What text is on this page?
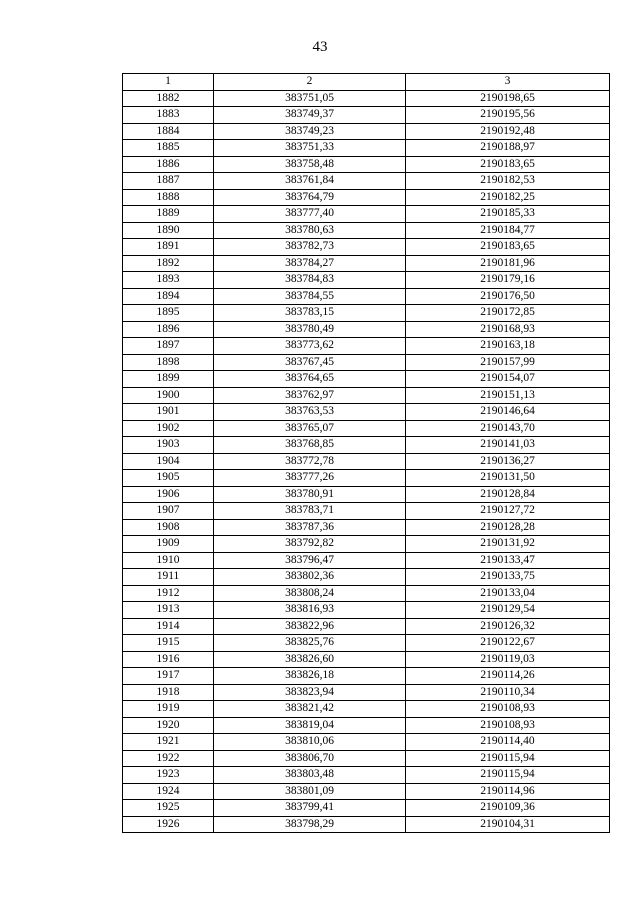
43
1	2	3
1882	383751,05	2190198,65
1883	383749,37	2190195,56
1884	383749,23	2190192,48
1885	383751,33	2190188,97
1886	383758,48	2190183,65
1887	383761,84	2190182,53
1888	383764,79	2190182,25
1889	383777,40	2190185,33
1890	383780,63	2190184,77
1891	383782,73	2190183,65
1892	383784,27	2190181,96
1893	383784,83	2190179,16
1894	383784,55	2190176,50
1895	383783,15	2190172,85
1896	383780,49	2190168,93
1897	383773,62	2190163,18
1898	383767,45	2190157,99
1899	383764,65	2190154,07
1900	383762,97	2190151,13
1901	383763,53	2190146,64
1902	383765,07	2190143,70
1903	383768,85	2190141,03
1904	383772,78	2190136,27
1905	383777,26	2190131,50
1906	383780,91	2190128,84
1907	383783,71	2190127,72
1908	383787,36	2190128,28
1909	383792,82	2190131,92
1910	383796,47	2190133,47
1911	383802,36	2190133,75
1912	383808,24	2190133,04
1913	383816,93	2190129,54
1914	383822,96	2190126,32
1915	383825,76	2190122,67
1916	383826,60	2190119,03
1917	383826,18	2190114,26
1918	383823,94	2190110,34
1919	383821,42	2190108,93
1920	383819,04	2190108,93
1921	383810,06	2190114,40
1922	383806,70	2190115,94
1923	383803,48	2190115,94
1924	383801,09	2190114,96
1925	383799,41	2190109,36
1926	383798,29	2190104,31
